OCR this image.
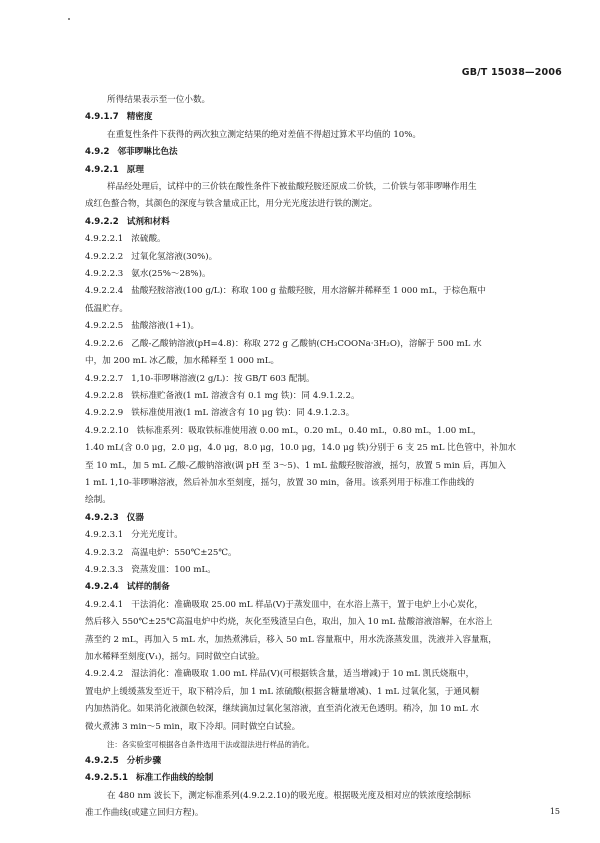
GB/T 15038—2006
所得结果表示至一位小数。
4.9.1.7 精密度
在重复性条件下获得的两次独立测定结果的绝对差值不得超过算术平均值的 10%。
4.9.2 邻菲啰啉比色法
4.9.2.1 原理
样品经处理后，试样中的三价铁在酸性条件下被盐酸羟胺还原成二价铁，二价铁与邻菲啰啉作用生
成红色螯合物，其颜色的深度与铁含量成正比，用分光光度法进行铁的测定。
4.9.2.2 试剂和材料
4.9.2.2.1 浓硫酸。
4.9.2.2.2 过氧化氢溶液(30%)。
4.9.2.2.3 氨水(25%～28%)。
4.9.2.2.4 盐酸羟胺溶液(100 g/L)：称取 100 g 盐酸羟胺，用水溶解并稀释至 1 000 mL，于棕色瓶中
低温贮存。
4.9.2.2.5 盐酸溶液(1+1)。
4.9.2.2.6 乙酸-乙酸钠溶液(pH=4.8)：称取 272 g 乙酸钠(CH₃COONa·3H₂O)，溶解于 500 mL 水
中，加 200 mL 冰乙酸，加水稀释至 1 000 mL。
4.9.2.2.7 1,10-菲啰啉溶液(2 g/L)：按 GB/T 603 配制。
4.9.2.2.8 铁标准贮备液(1 mL 溶液含有 0.1 mg 铁)：同 4.9.1.2.2。
4.9.2.2.9 铁标准使用液(1 mL 溶液含有 10 μg 铁)：同 4.9.1.2.3。
4.9.2.2.10 铁标准系列：吸取铁标准使用液 0.00 mL，0.20 mL，0.40 mL，0.80 mL，1.00 mL，
1.40 mL(含 0.0 μg，2.0 μg，4.0 μg，8.0 μg，10.0 μg，14.0 μg 铁)分别于 6 支 25 mL 比色管中，补加水
至 10 mL，加 5 mL 乙酸-乙酸钠溶液(调 pH 至 3～5)、1 mL 盐酸羟胺溶液，摇匀，放置 5 min 后，再加入
1 mL 1,10-菲啰啉溶液，然后补加水至刻度，摇匀，放置 30 min，备用。该系列用于标准工作曲线的
绘制。
4.9.2.3 仪器
4.9.2.3.1 分光光度计。
4.9.2.3.2 高温电炉：550℃±25℃。
4.9.2.3.3 瓷蒸发皿：100 mL。
4.9.2.4 试样的制备
4.9.2.4.1 干法消化：准确吸取 25.00 mL 样品(V)于蒸发皿中，在水浴上蒸干，置于电炉上小心炭化，
然后移入 550℃±25℃高温电炉中灼烧，灰化至残渣呈白色，取出，加入 10 mL 盐酸溶液溶解，在水浴上
蒸至约 2 mL，再加入 5 mL 水，加热煮沸后，移入 50 mL 容量瓶中，用水洗涤蒸发皿，洗液并入容量瓶，
加水稀释至刻度(V₁)，摇匀。同时做空白试验。
4.9.2.4.2 湿法消化：准确吸取 1.00 mL 样品(V)(可根据铁含量，适当增减)于 10 mL 凯氏烧瓶中，
置电炉上缓缓蒸发至近干，取下稍冷后，加 1 mL 浓硫酸(根据含糖量增减)、1 mL 过氧化氢，于通风橱
内加热消化。如果消化液颜色较深，继续滴加过氧化氢溶液，直至消化液无色透明。稍冷，加 10 mL 水
微火煮沸 3 min～5 min，取下冷却。同时做空白试验。
注：各实验室可根据各自条件选用干法或湿法进行样品的消化。
4.9.2.5 分析步骤
4.9.2.5.1 标准工作曲线的绘制
在 480 nm 波长下，测定标准系列(4.9.2.2.10)的吸光度。根据吸光度及相对应的铁浓度绘制标
准工作曲线(或建立回归方程)。	15
